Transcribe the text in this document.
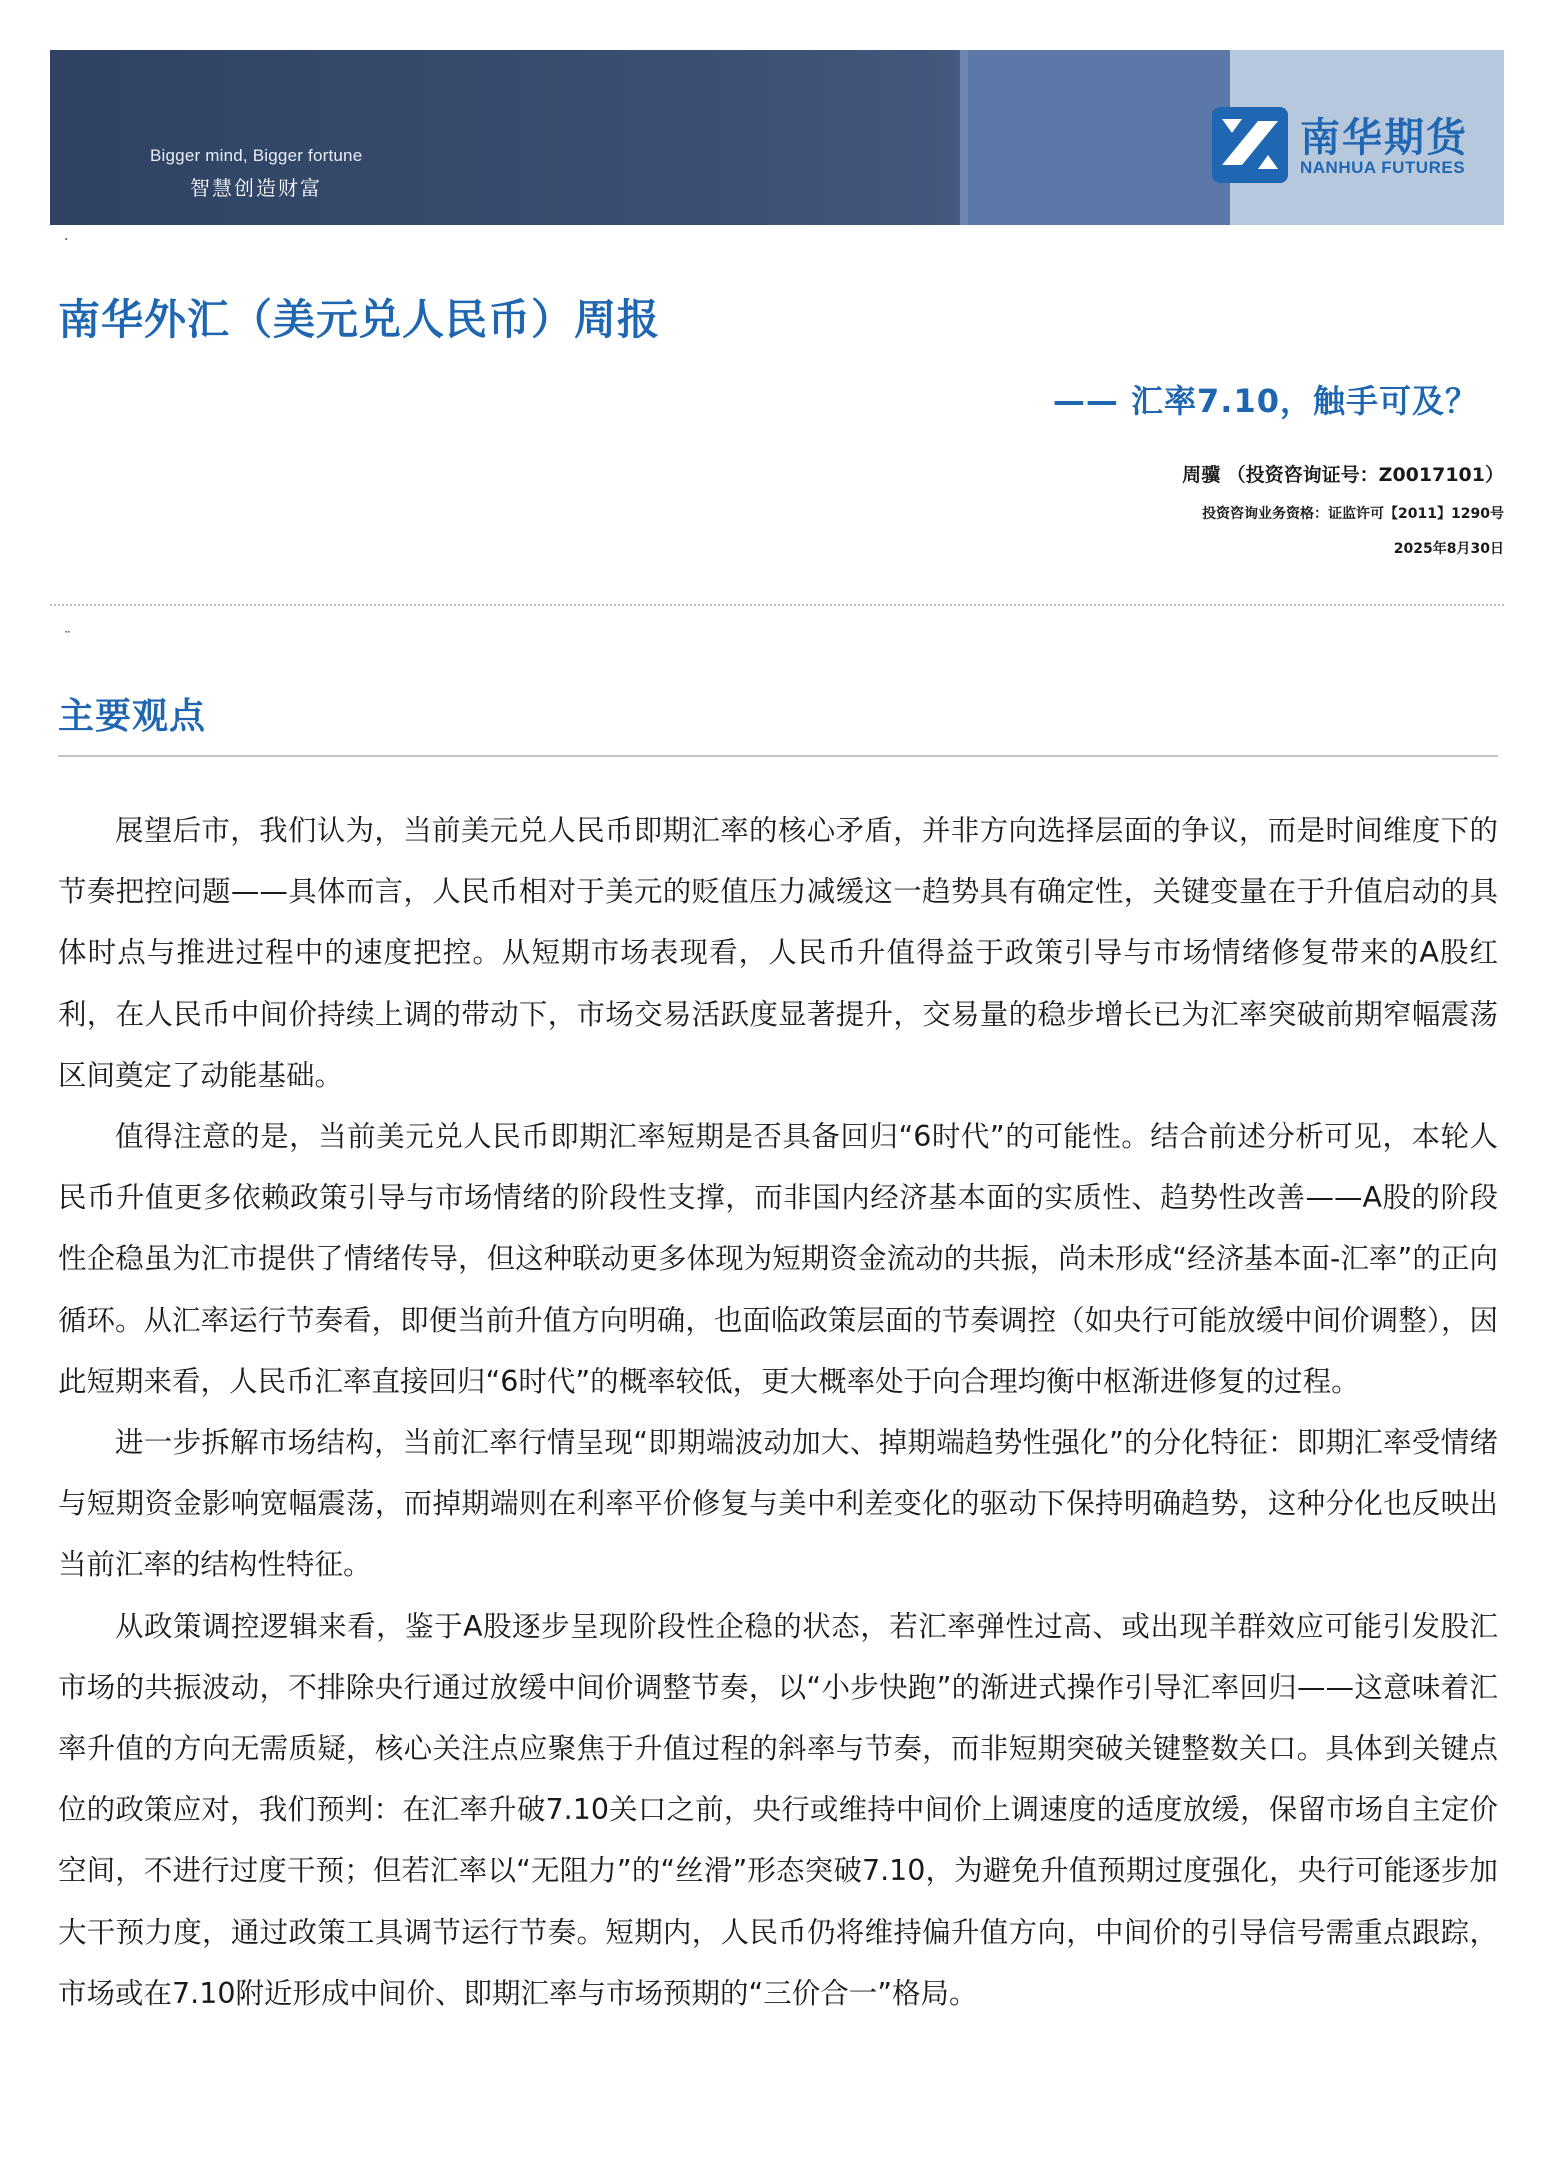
Bigger mind, Bigger fortune
智慧创造财富
南华期货
NANHUA FUTURES
·
南华外汇（美元兑人民币）周报
—— 汇率7.10，触手可及？
周骥 （投资咨询证号：Z0017101）
投资咨询业务资格：证监许可【2011】1290号
2025年8月30日
¨
主要观点

展望后市，我们认为，当前美元兑人民币即期汇率的核心矛盾，并非方向选择层面的争议，而是时间维度下的节奏把控问题——具体而言，人民币相对于美元的贬值压力减缓这一趋势具有确定性，关键变量在于升值启动的具体时点与推进过程中的速度把控。从短期市场表现看，人民币升值得益于政策引导与市场情绪修复带来的A股红利，在人民币中间价持续上调的带动下，市场交易活跃度显著提升，交易量的稳步增长已为汇率突破前期窄幅震荡区间奠定了动能基础。

值得注意的是，当前美元兑人民币即期汇率短期是否具备回归“6时代”的可能性。结合前述分析可见，本轮人民币升值更多依赖政策引导与市场情绪的阶段性支撑，而非国内经济基本面的实质性、趋势性改善——A股的阶段性企稳虽为汇市提供了情绪传导，但这种联动更多体现为短期资金流动的共振，尚未形成“经济基本面-汇率”的正向循环。从汇率运行节奏看，即便当前升值方向明确，也面临政策层面的节奏调控（如央行可能放缓中间价调整），因此短期来看，人民币汇率直接回归“6时代”的概率较低，更大概率处于向合理均衡中枢渐进修复的过程。

进一步拆解市场结构，当前汇率行情呈现“即期端波动加大、掉期端趋势性强化”的分化特征：即期汇率受情绪与短期资金影响宽幅震荡，而掉期端则在利率平价修复与美中利差变化的驱动下保持明确趋势，这种分化也反映出当前汇率的结构性特征。

从政策调控逻辑来看，鉴于A股逐步呈现阶段性企稳的状态，若汇率弹性过高、或出现羊群效应可能引发股汇市场的共振波动，不排除央行通过放缓中间价调整节奏，以“小步快跑”的渐进式操作引导汇率回归——这意味着汇率升值的方向无需质疑，核心关注点应聚焦于升值过程的斜率与节奏，而非短期突破关键整数关口。具体到关键点位的政策应对，我们预判：在汇率升破7.10关口之前，央行或维持中间价上调速度的适度放缓，保留市场自主定价空间，不进行过度干预；但若汇率以“无阻力”的“丝滑”形态突破7.10，为避免升值预期过度强化，央行可能逐步加大干预力度，通过政策工具调节运行节奏。短期内，人民币仍将维持偏升值方向，中间价的引导信号需重点跟踪，市场或在7.10附近形成中间价、即期汇率与市场预期的“三价合一”格局。
